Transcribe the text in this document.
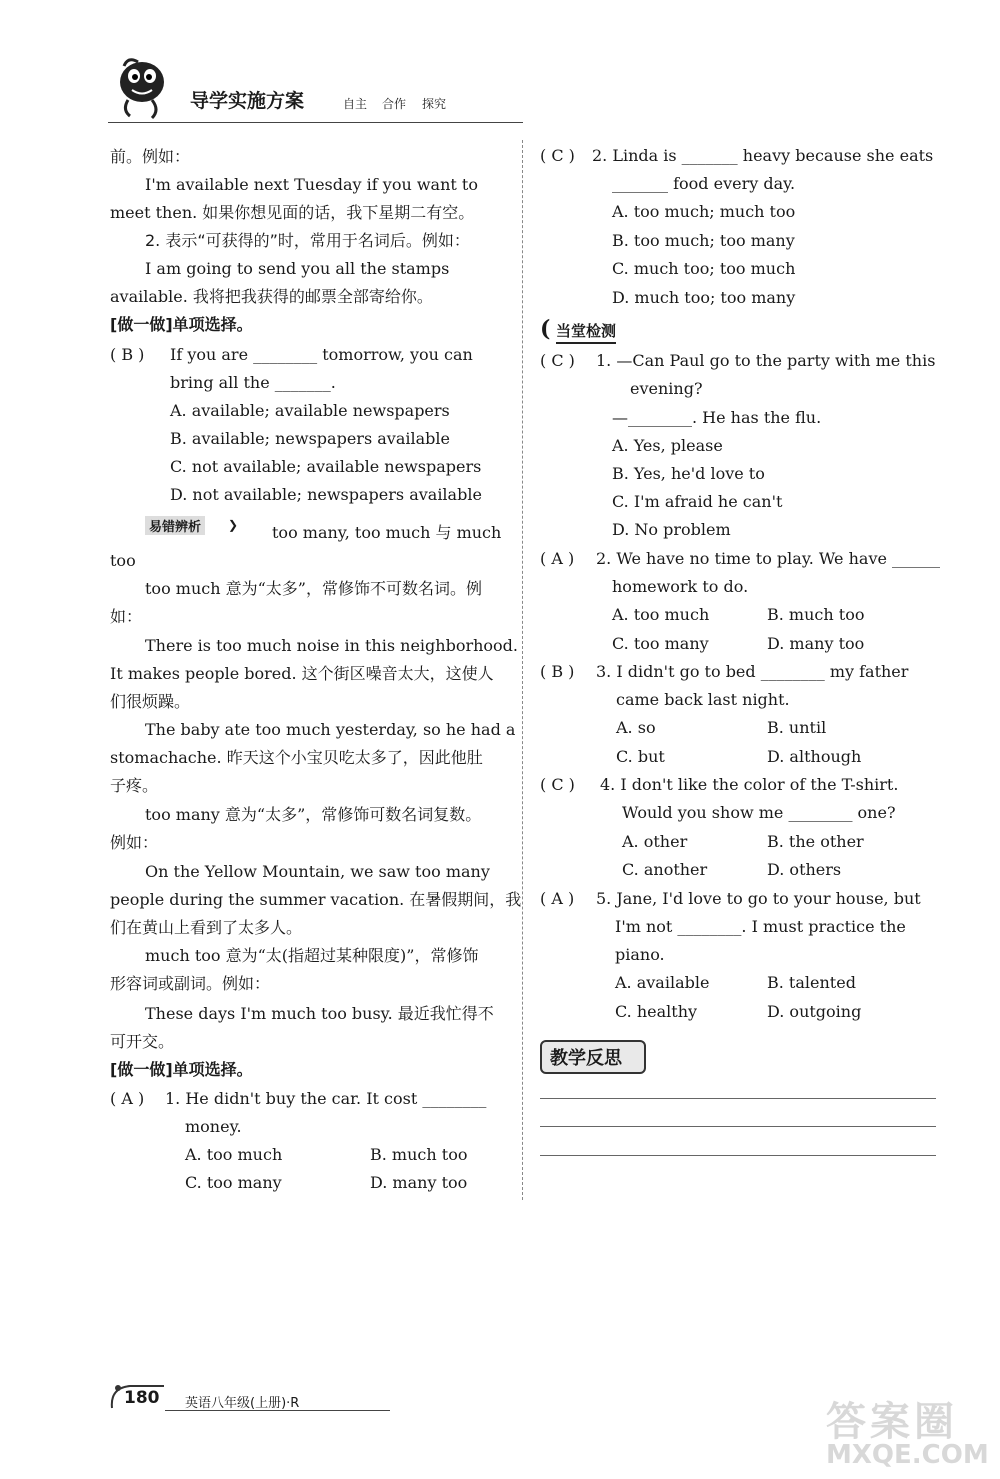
导学实施方案	自主 合作 探究
前。例如：
I'm available next Tuesday if you want to
meet then. 如果你想见面的话，我下星期二有空。
2. 表示“可获得的”时，常用于名词后。例如：
I am going to send you all the stamps
available. 我将把我获得的邮票全部寄给你。
[做一做]单项选择。
( B ) If you are ________ tomorrow, you can
bring all the _______.
A. available; available newspapers
B. available; newspapers available
C. not available; available newspapers
D. not available; newspapers available
易错辨析	❯ too many, too much 与 much
too
too much 意为“太多”，常修饰不可数名词。例
如：
There is too much noise in this neighborhood.
It makes people bored. 这个街区噪音太大，这使人
们很烦躁。
The baby ate too much yesterday, so he had a
stomachache. 昨天这个小宝贝吃太多了，因此他肚
子疼。
too many 意为“太多”，常修饰可数名词复数。
例如：
On the Yellow Mountain, we saw too many
people during the summer vacation. 在暑假期间，我
们在黄山上看到了太多人。
much too 意为“太(指超过某种限度)”，常修饰
形容词或副词。例如：
These days I'm much too busy. 最近我忙得不
可开交。
[做一做]单项选择。
( A ) 1. He didn't buy the car. It cost ________
money.
A. too much	B. much too
C. too many	D. many too
( C ) 2. Linda is _______ heavy because she eats
_______ food every day.
A. too much; much too
B. too much; too many
C. much too; too much
D. much too; too many
( 当堂检测
( C ) 1. —Can Paul go to the party with me this
evening?
—________. He has the flu.
A. Yes, please
B. Yes, he'd love to
C. I'm afraid he can't
D. No problem
( A ) 2. We have no time to play. We have ______
homework to do.
A. too much	B. much too
C. too many	D. many too
( B ) 3. I didn't go to bed ________ my father
came back last night.
A. so	B. until
C. but	D. although
( C ) 4. I don't like the color of the T-shirt.
Would you show me ________ one?
A. other	B. the other
C. another	D. others
( A ) 5. Jane, I'd love to go to your house, but
I'm not ________. I must practice the
piano.
A. available	B. talented
C. healthy	D. outgoing
教学反思
180 英语八年级(上册)·R	答案圈
MXQE.COM
